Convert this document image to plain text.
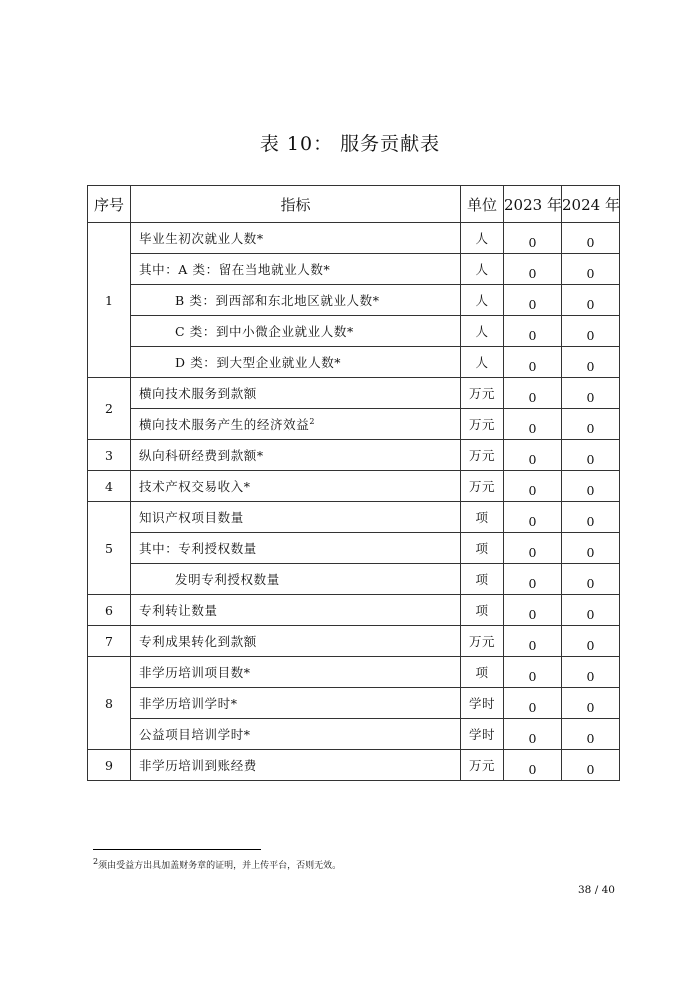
表 10： 服务贡献表
序号	指标	单位	2023 年	2024 年
1	毕业生初次就业人数*	人	0	0
	其中：A 类：留在当地就业人数*	人	0	0
	B 类：到西部和东北地区就业人数*	人	0	0
	C 类：到中小微企业就业人数*	人	0	0
	D 类：到大型企业就业人数*	人	0	0
2	横向技术服务到款额	万元	0	0
	横向技术服务产生的经济效益$^2$	万元	0	0
3	纵向科研经费到款额*	万元	0	0
4	技术产权交易收入*	万元	0	0
5	知识产权项目数量	项	0	0
	其中：专利授权数量	项	0	0
	发明专利授权数量	项	0	0
6	专利转让数量	项	0	0
7	专利成果转化到款额	万元	0	0
8	非学历培训项目数*	项	0	0
	非学历培训学时*	学时	0	0
	公益项目培训学时*	学时	0	0
9	非学历培训到账经费	万元	0	0
$^2$须由受益方出具加盖财务章的证明，并上传平台，否则无效。
38 / 40
